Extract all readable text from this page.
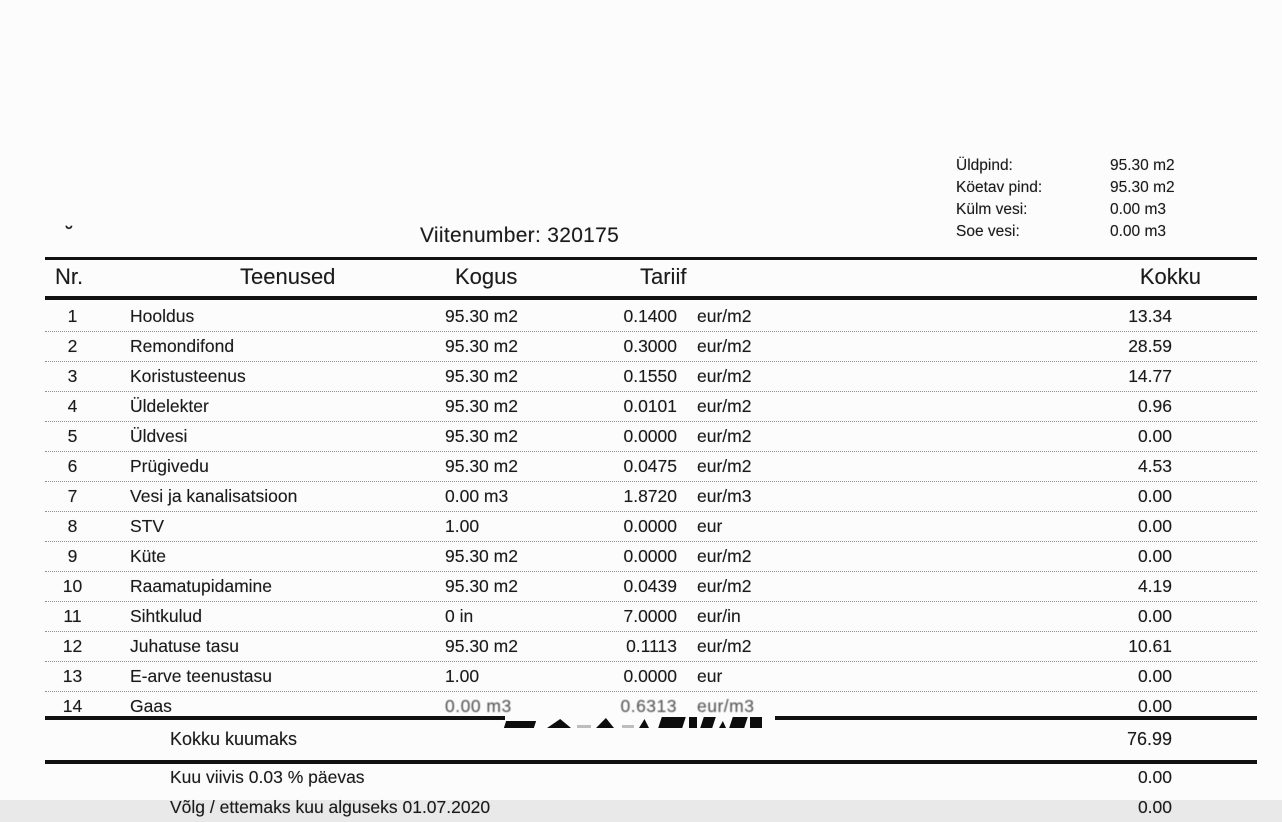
˘	Viitenumber: 320175
Üldpind:	95.30 m2
Köetav pind:	95.30 m2
Külm vesi:	0.00 m3
Soe vesi:	0.00 m3
Nr.	Teenused	Kogus	Tariif	Kokku
1	Hooldus	95.30 m2	0.1400	eur/m2	13.34
2	Remondifond	95.30 m2	0.3000	eur/m2	28.59
3	Koristusteenus	95.30 m2	0.1550	eur/m2	14.77
4	Üldelekter	95.30 m2	0.0101	eur/m2	0.96
5	Üldvesi	95.30 m2	0.0000	eur/m2	0.00
6	Prügivedu	95.30 m2	0.0475	eur/m2	4.53
7	Vesi ja kanalisatsioon	0.00 m3	1.8720	eur/m3	0.00
8	STV	1.00	0.0000	eur	0.00
9	Küte	95.30 m2	0.0000	eur/m2	0.00
10	Raamatupidamine	95.30 m2	0.0439	eur/m2	4.19
11	Sihtkulud	0 in	7.0000	eur/in	0.00
12	Juhatuse tasu	95.30 m2	0.1113	eur/m2	10.61
13	E-arve teenustasu	1.00	0.0000	eur	0.00
14	Gaas	0.00 m3	0.6313	eur/m3	0.00
Kokku kuumaks	76.99
Kuu viivis 0.03 % päevas	0.00
Võlg / ettemaks kuu alguseks 01.07.2020	0.00
